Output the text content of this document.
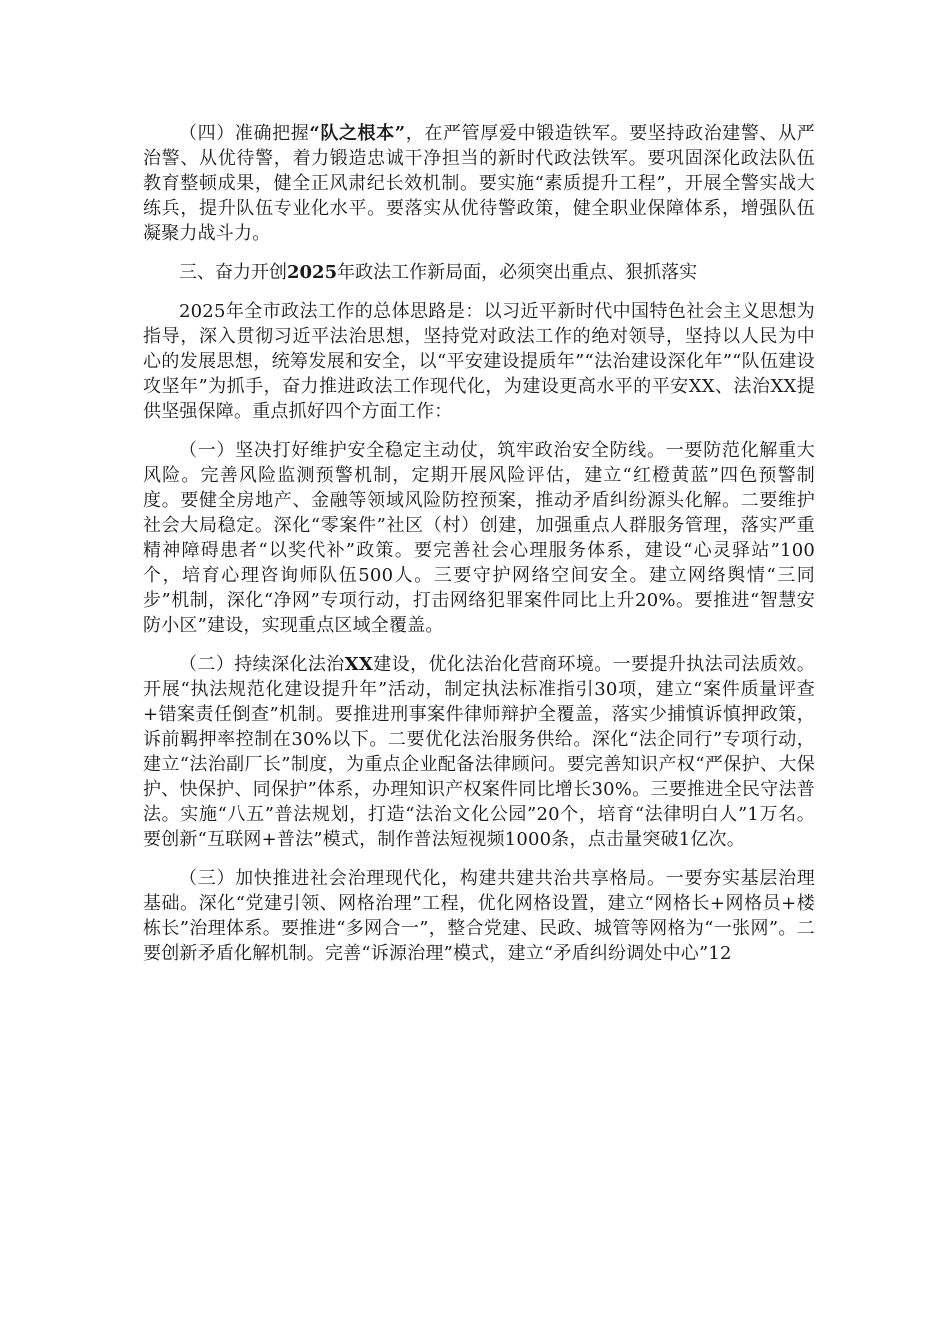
（四）准确把握“队之根本”，在严管厚爱中锻造铁军。要坚持政治建警、从严治警、从优待警，着力锻造忠诚干净担当的新时代政法铁军。要巩固深化政法队伍教育整顿成果，健全正风肃纪长效机制。要实施“素质提升工程”，开展全警实战大练兵，提升队伍专业化水平。要落实从优待警政策，健全职业保障体系，增强队伍凝聚力战斗力。

三、奋力开创2025年政法工作新局面，必须突出重点、狠抓落实

2025年全市政法工作的总体思路是：以习近平新时代中国特色社会主义思想为指导，深入贯彻习近平法治思想，坚持党对政法工作的绝对领导，坚持以人民为中心的发展思想，统筹发展和安全，以“平安建设提质年”“法治建设深化年”“队伍建设攻坚年”为抓手，奋力推进政法工作现代化，为建设更高水平的平安XX、法治XX提供坚强保障。重点抓好四个方面工作：

（一）坚决打好维护安全稳定主动仗，筑牢政治安全防线。一要防范化解重大风险。完善风险监测预警机制，定期开展风险评估，建立“红橙黄蓝”四色预警制度。要健全房地产、金融等领域风险防控预案，推动矛盾纠纷源头化解。二要维护社会大局稳定。深化“零案件”社区（村）创建，加强重点人群服务管理，落实严重精神障碍患者“以奖代补”政策。要完善社会心理服务体系，建设“心灵驿站”100个，培育心理咨询师队伍500人。三要守护网络空间安全。建立网络舆情“三同步”机制，深化“净网”专项行动，打击网络犯罪案件同比上升20%。要推进“智慧安防小区”建设，实现重点区域全覆盖。

（二）持续深化法治XX建设，优化法治化营商环境。一要提升执法司法质效。开展“执法规范化建设提升年”活动，制定执法标准指引30项，建立“案件质量评查+错案责任倒查”机制。要推进刑事案件律师辩护全覆盖，落实少捕慎诉慎押政策，诉前羁押率控制在30%以下。二要优化法治服务供给。深化“法企同行”专项行动，建立“法治副厂长”制度，为重点企业配备法律顾问。要完善知识产权“严保护、大保护、快保护、同保护”体系，办理知识产权案件同比增长30%。三要推进全民守法普法。实施“八五”普法规划，打造“法治文化公园”20个，培育“法律明白人”1万名。要创新“互联网+普法”模式，制作普法短视频1000条，点击量突破1亿次。

（三）加快推进社会治理现代化，构建共建共治共享格局。一要夯实基层治理基础。深化“党建引领、网格治理”工程，优化网格设置，建立“网格长+网格员+楼栋长”治理体系。要推进“多网合一”，整合党建、民政、城管等网格为“一张网”。二要创新矛盾化解机制。完善“诉源治理”模式，建立“矛盾纠纷调处中心”12
